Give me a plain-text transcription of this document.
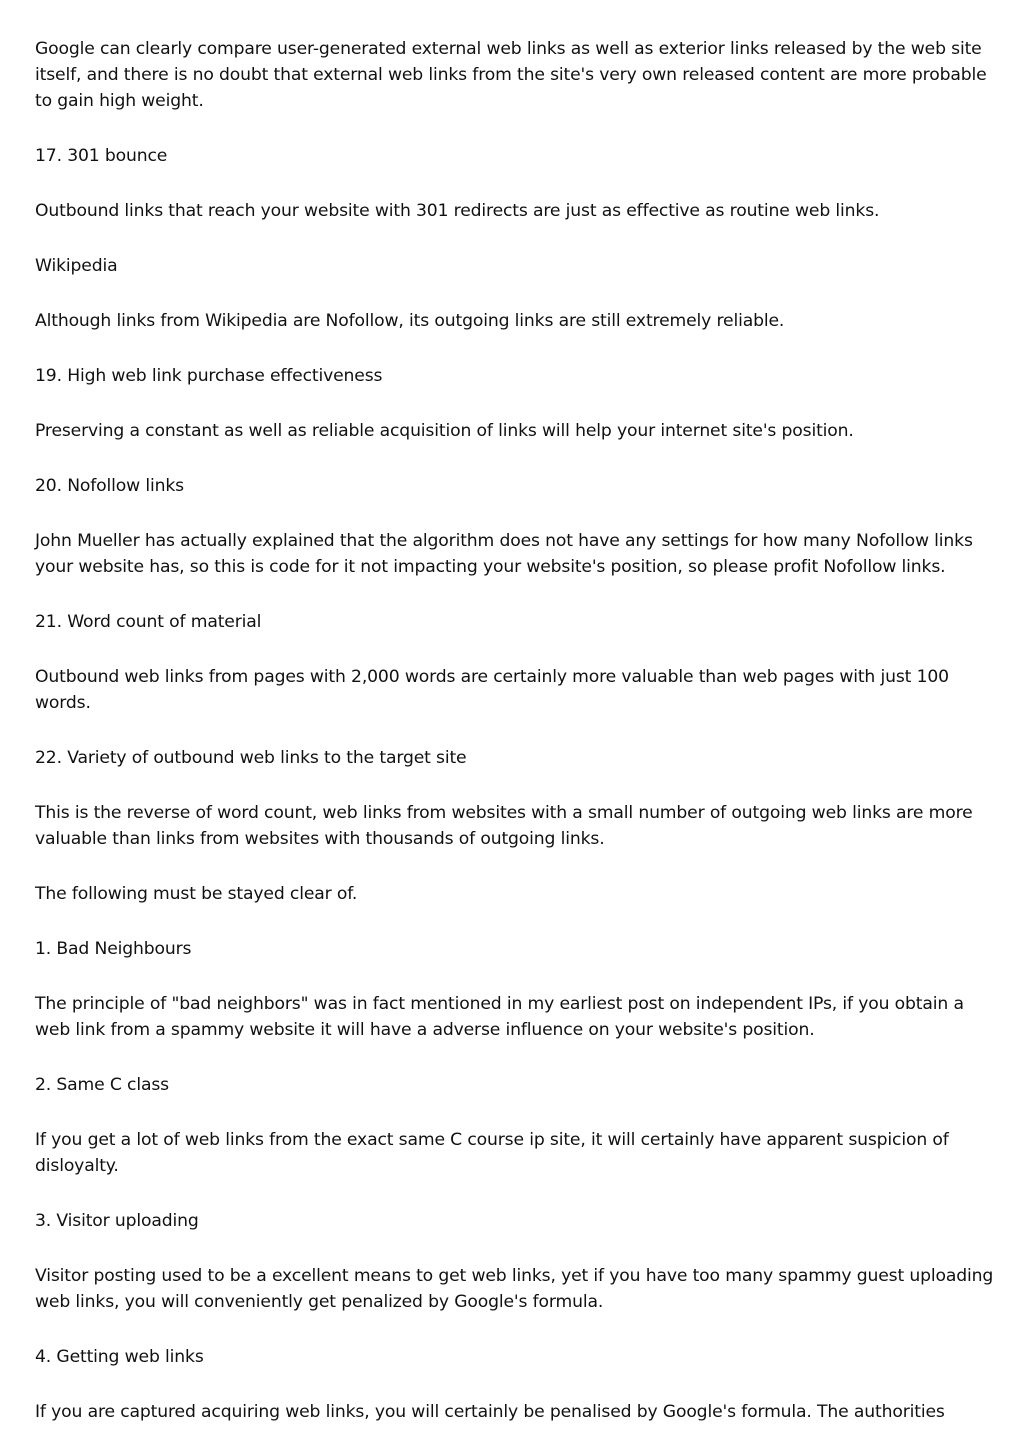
Google can clearly compare user-generated external web links as well as exterior links released by the web site itself, and there is no doubt that external web links from the site's very own released content are more probable to gain high weight.

17. 301 bounce

Outbound links that reach your website with 301 redirects are just as effective as routine web links.

Wikipedia

Although links from Wikipedia are Nofollow, its outgoing links are still extremely reliable.

19. High web link purchase effectiveness

Preserving a constant as well as reliable acquisition of links will help your internet site's position.

20. Nofollow links

John Mueller has actually explained that the algorithm does not have any settings for how many Nofollow links your website has, so this is code for it not impacting your website's position, so please profit Nofollow links.

21. Word count of material

Outbound web links from pages with 2,000 words are certainly more valuable than web pages with just 100 words.

22. Variety of outbound web links to the target site

This is the reverse of word count, web links from websites with a small number of outgoing web links are more valuable than links from websites with thousands of outgoing links.

The following must be stayed clear of.

1. Bad Neighbours

The principle of "bad neighbors" was in fact mentioned in my earliest post on independent IPs, if you obtain a web link from a spammy website it will have a adverse influence on your website's position.

2. Same C class

If you get a lot of web links from the exact same C course ip site, it will certainly have apparent suspicion of disloyalty.

3. Visitor uploading

Visitor posting used to be a excellent means to get web links, yet if you have too many spammy guest uploading web links, you will conveniently get penalized by Google's formula.

4. Getting web links

If you are captured acquiring web links, you will certainly be penalised by Google's formula. The authorities
